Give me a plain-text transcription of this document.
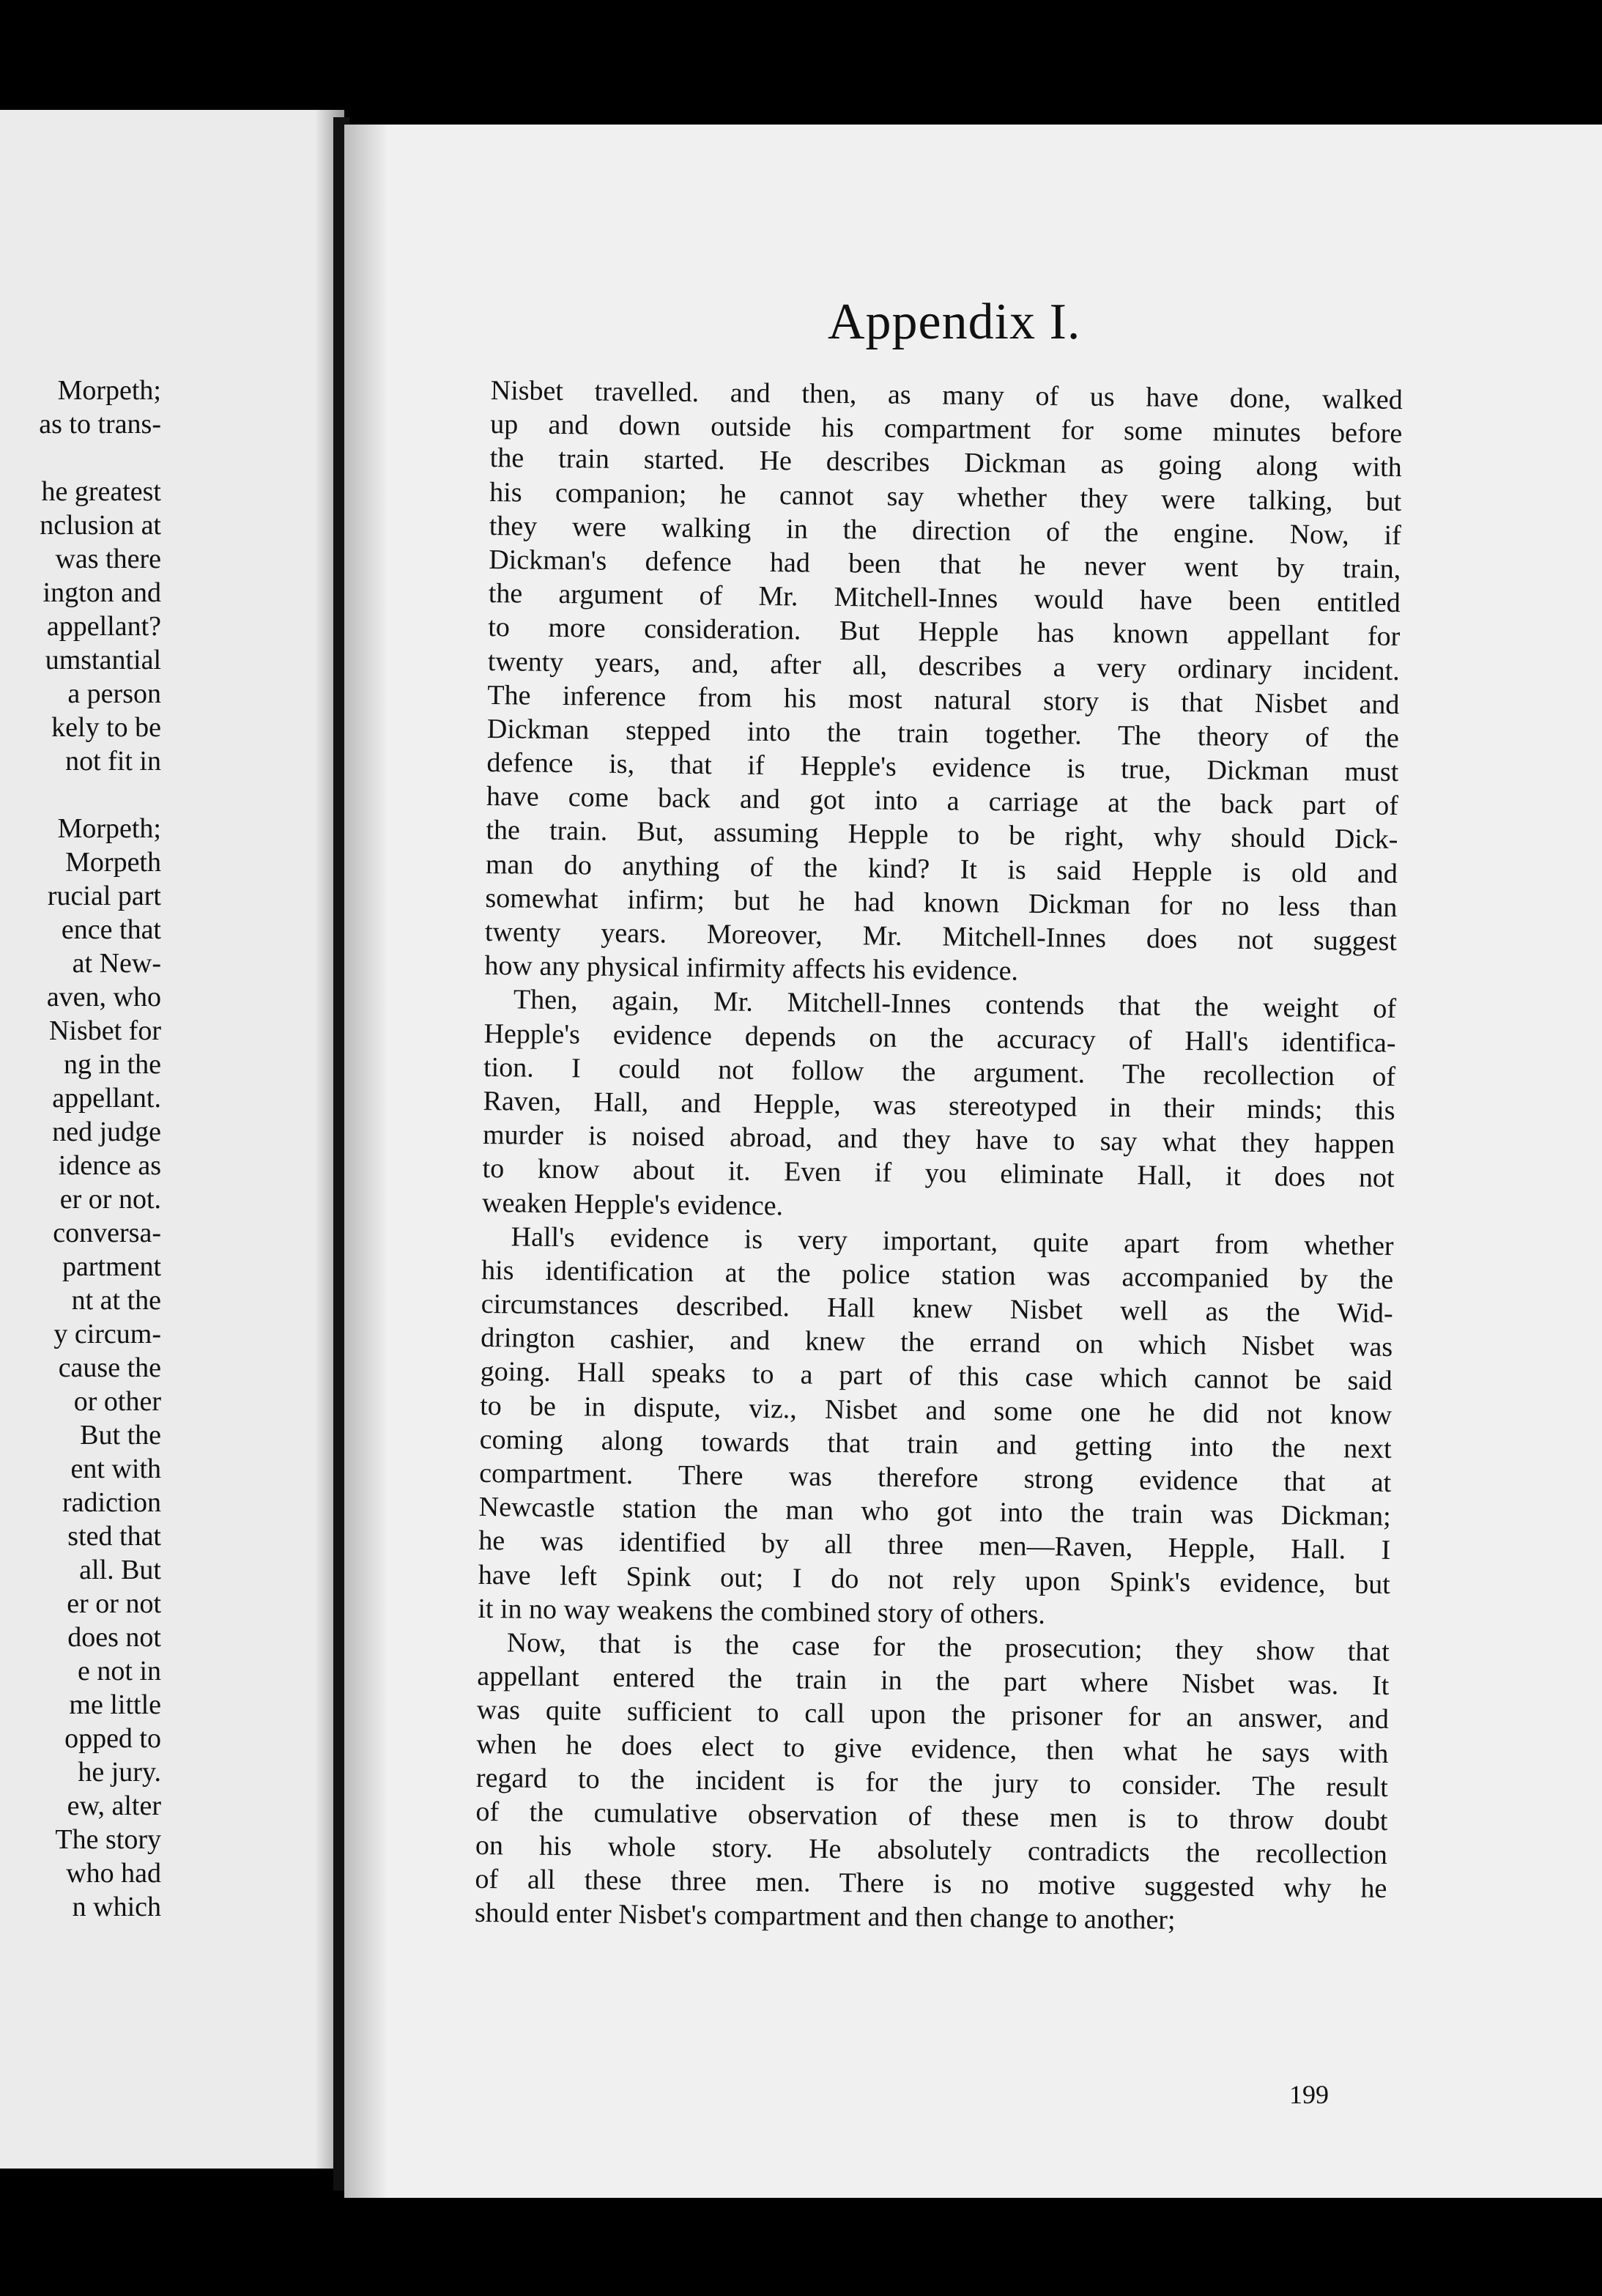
Morpeth;
as to trans-
he greatest
nclusion at
was there
ington and
appellant?
umstantial
a person
kely to be
not fit in
Morpeth;
Morpeth
rucial part
ence that
at New-
aven, who
Nisbet for
ng in the
appellant.
ned judge
idence as
er or not.
conversa-
partment
nt at the
y circum-
cause the
or other
But the
ent with
radiction
sted that
all. But
er or not
does not
e not in
me little
opped to
he jury.
ew, alter
The story
who had
n which
Appendix I.
Nisbet travelled. and then, as many of us have done, walked
up and down outside his compartment for some minutes before
the train started. He describes Dickman as going along with
his companion; he cannot say whether they were talking, but
they were walking in the direction of the engine. Now, if
Dickman's defence had been that he never went by train,
the argument of Mr. Mitchell-Innes would have been entitled
to more consideration. But Hepple has known appellant for
twenty years, and, after all, describes a very ordinary incident.
The inference from his most natural story is that Nisbet and
Dickman stepped into the train together. The theory of the
defence is, that if Hepple's evidence is true, Dickman must
have come back and got into a carriage at the back part of
the train. But, assuming Hepple to be right, why should Dick-
man do anything of the kind? It is said Hepple is old and
somewhat infirm; but he had known Dickman for no less than
twenty years. Moreover, Mr. Mitchell-Innes does not suggest
how any physical infirmity affects his evidence.
Then, again, Mr. Mitchell-Innes contends that the weight of
Hepple's evidence depends on the accuracy of Hall's identifica-
tion. I could not follow the argument. The recollection of
Raven, Hall, and Hepple, was stereotyped in their minds; this
murder is noised abroad, and they have to say what they happen
to know about it. Even if you eliminate Hall, it does not
weaken Hepple's evidence.
Hall's evidence is very important, quite apart from whether
his identification at the police station was accompanied by the
circumstances described. Hall knew Nisbet well as the Wid-
drington cashier, and knew the errand on which Nisbet was
going. Hall speaks to a part of this case which cannot be said
to be in dispute, viz., Nisbet and some one he did not know
coming along towards that train and getting into the next
compartment. There was therefore strong evidence that at
Newcastle station the man who got into the train was Dickman;
he was identified by all three men—Raven, Hepple, Hall. I
have left Spink out; I do not rely upon Spink's evidence, but
it in no way weakens the combined story of others.
Now, that is the case for the prosecution; they show that
appellant entered the train in the part where Nisbet was. It
was quite sufficient to call upon the prisoner for an answer, and
when he does elect to give evidence, then what he says with
regard to the incident is for the jury to consider. The result
of the cumulative observation of these men is to throw doubt
on his whole story. He absolutely contradicts the recollection
of all these three men. There is no motive suggested why he
should enter Nisbet's compartment and then change to another;
199
